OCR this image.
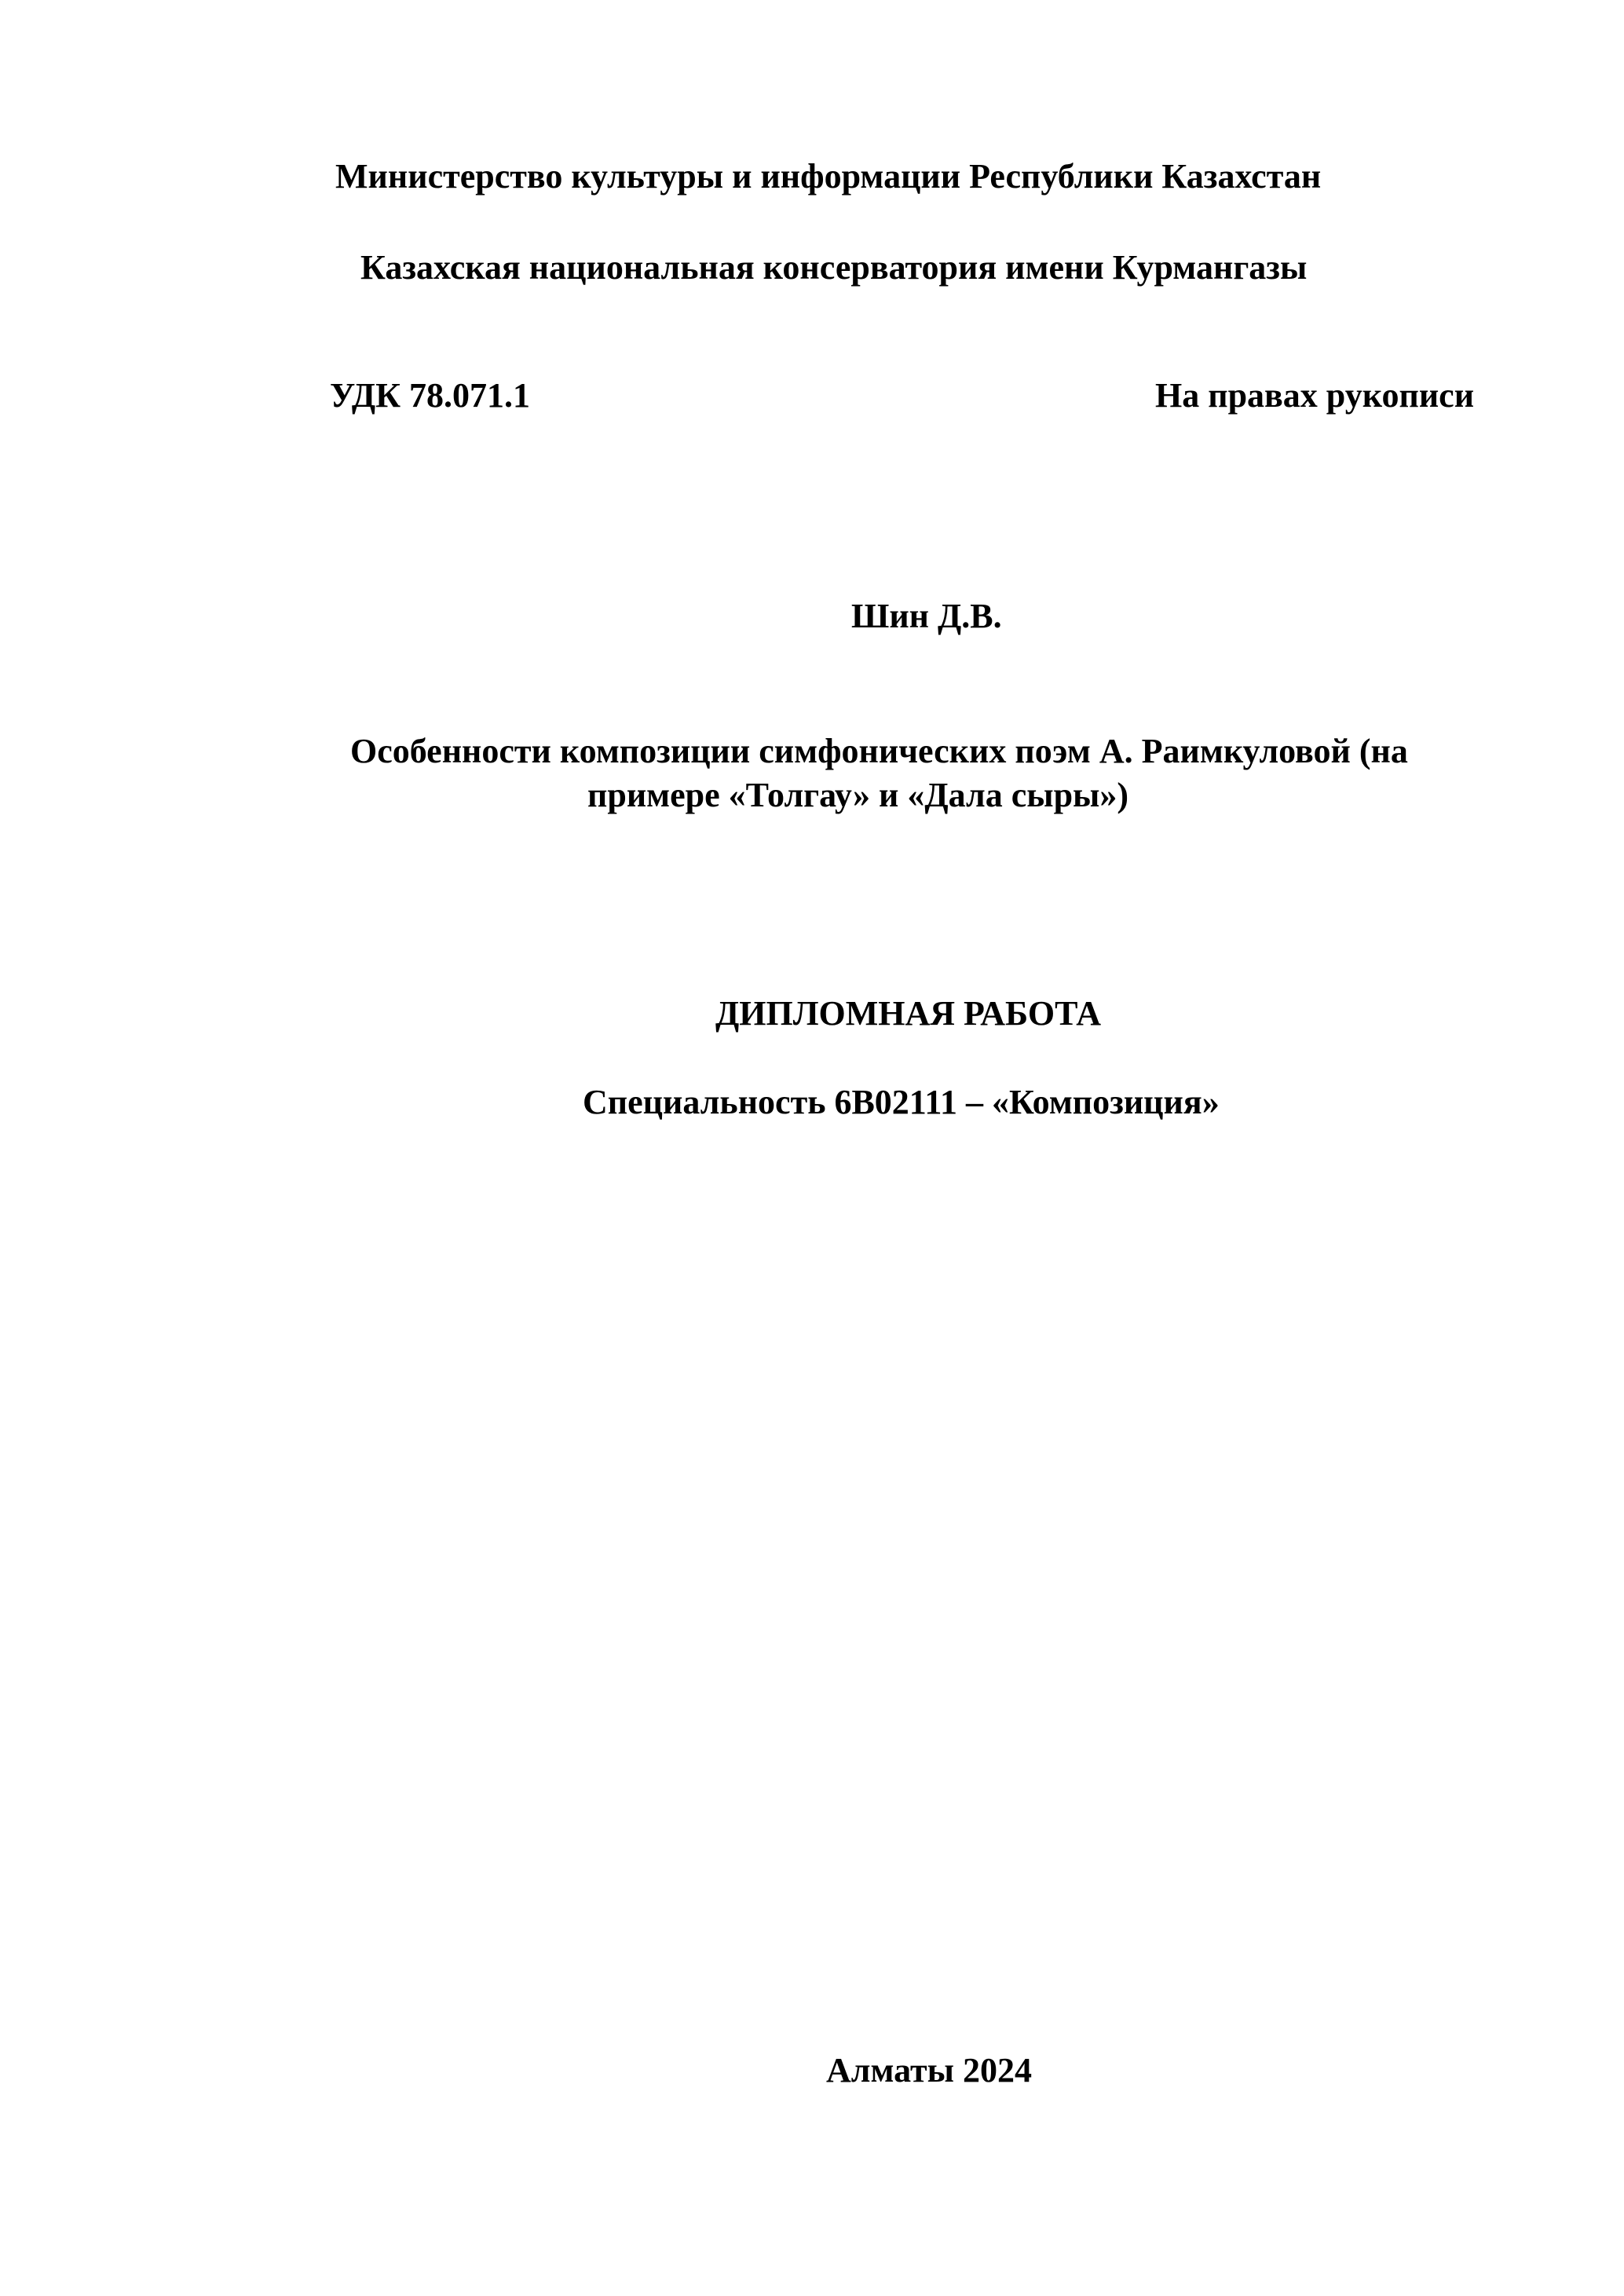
Министерство культуры и информации Республики Казахстан
Казахская национальная консерватория имени Курмангазы
УДК 78.071.1	На правах рукописи
Шин Д.В.
Особенности композиции симфонических поэм А. Раимкуловой (на
примере «Толгау» и «Дала сыры»)
ДИПЛОМНАЯ РАБОТА
Специальность 6В02111 – «Композиция»
Алматы 2024
